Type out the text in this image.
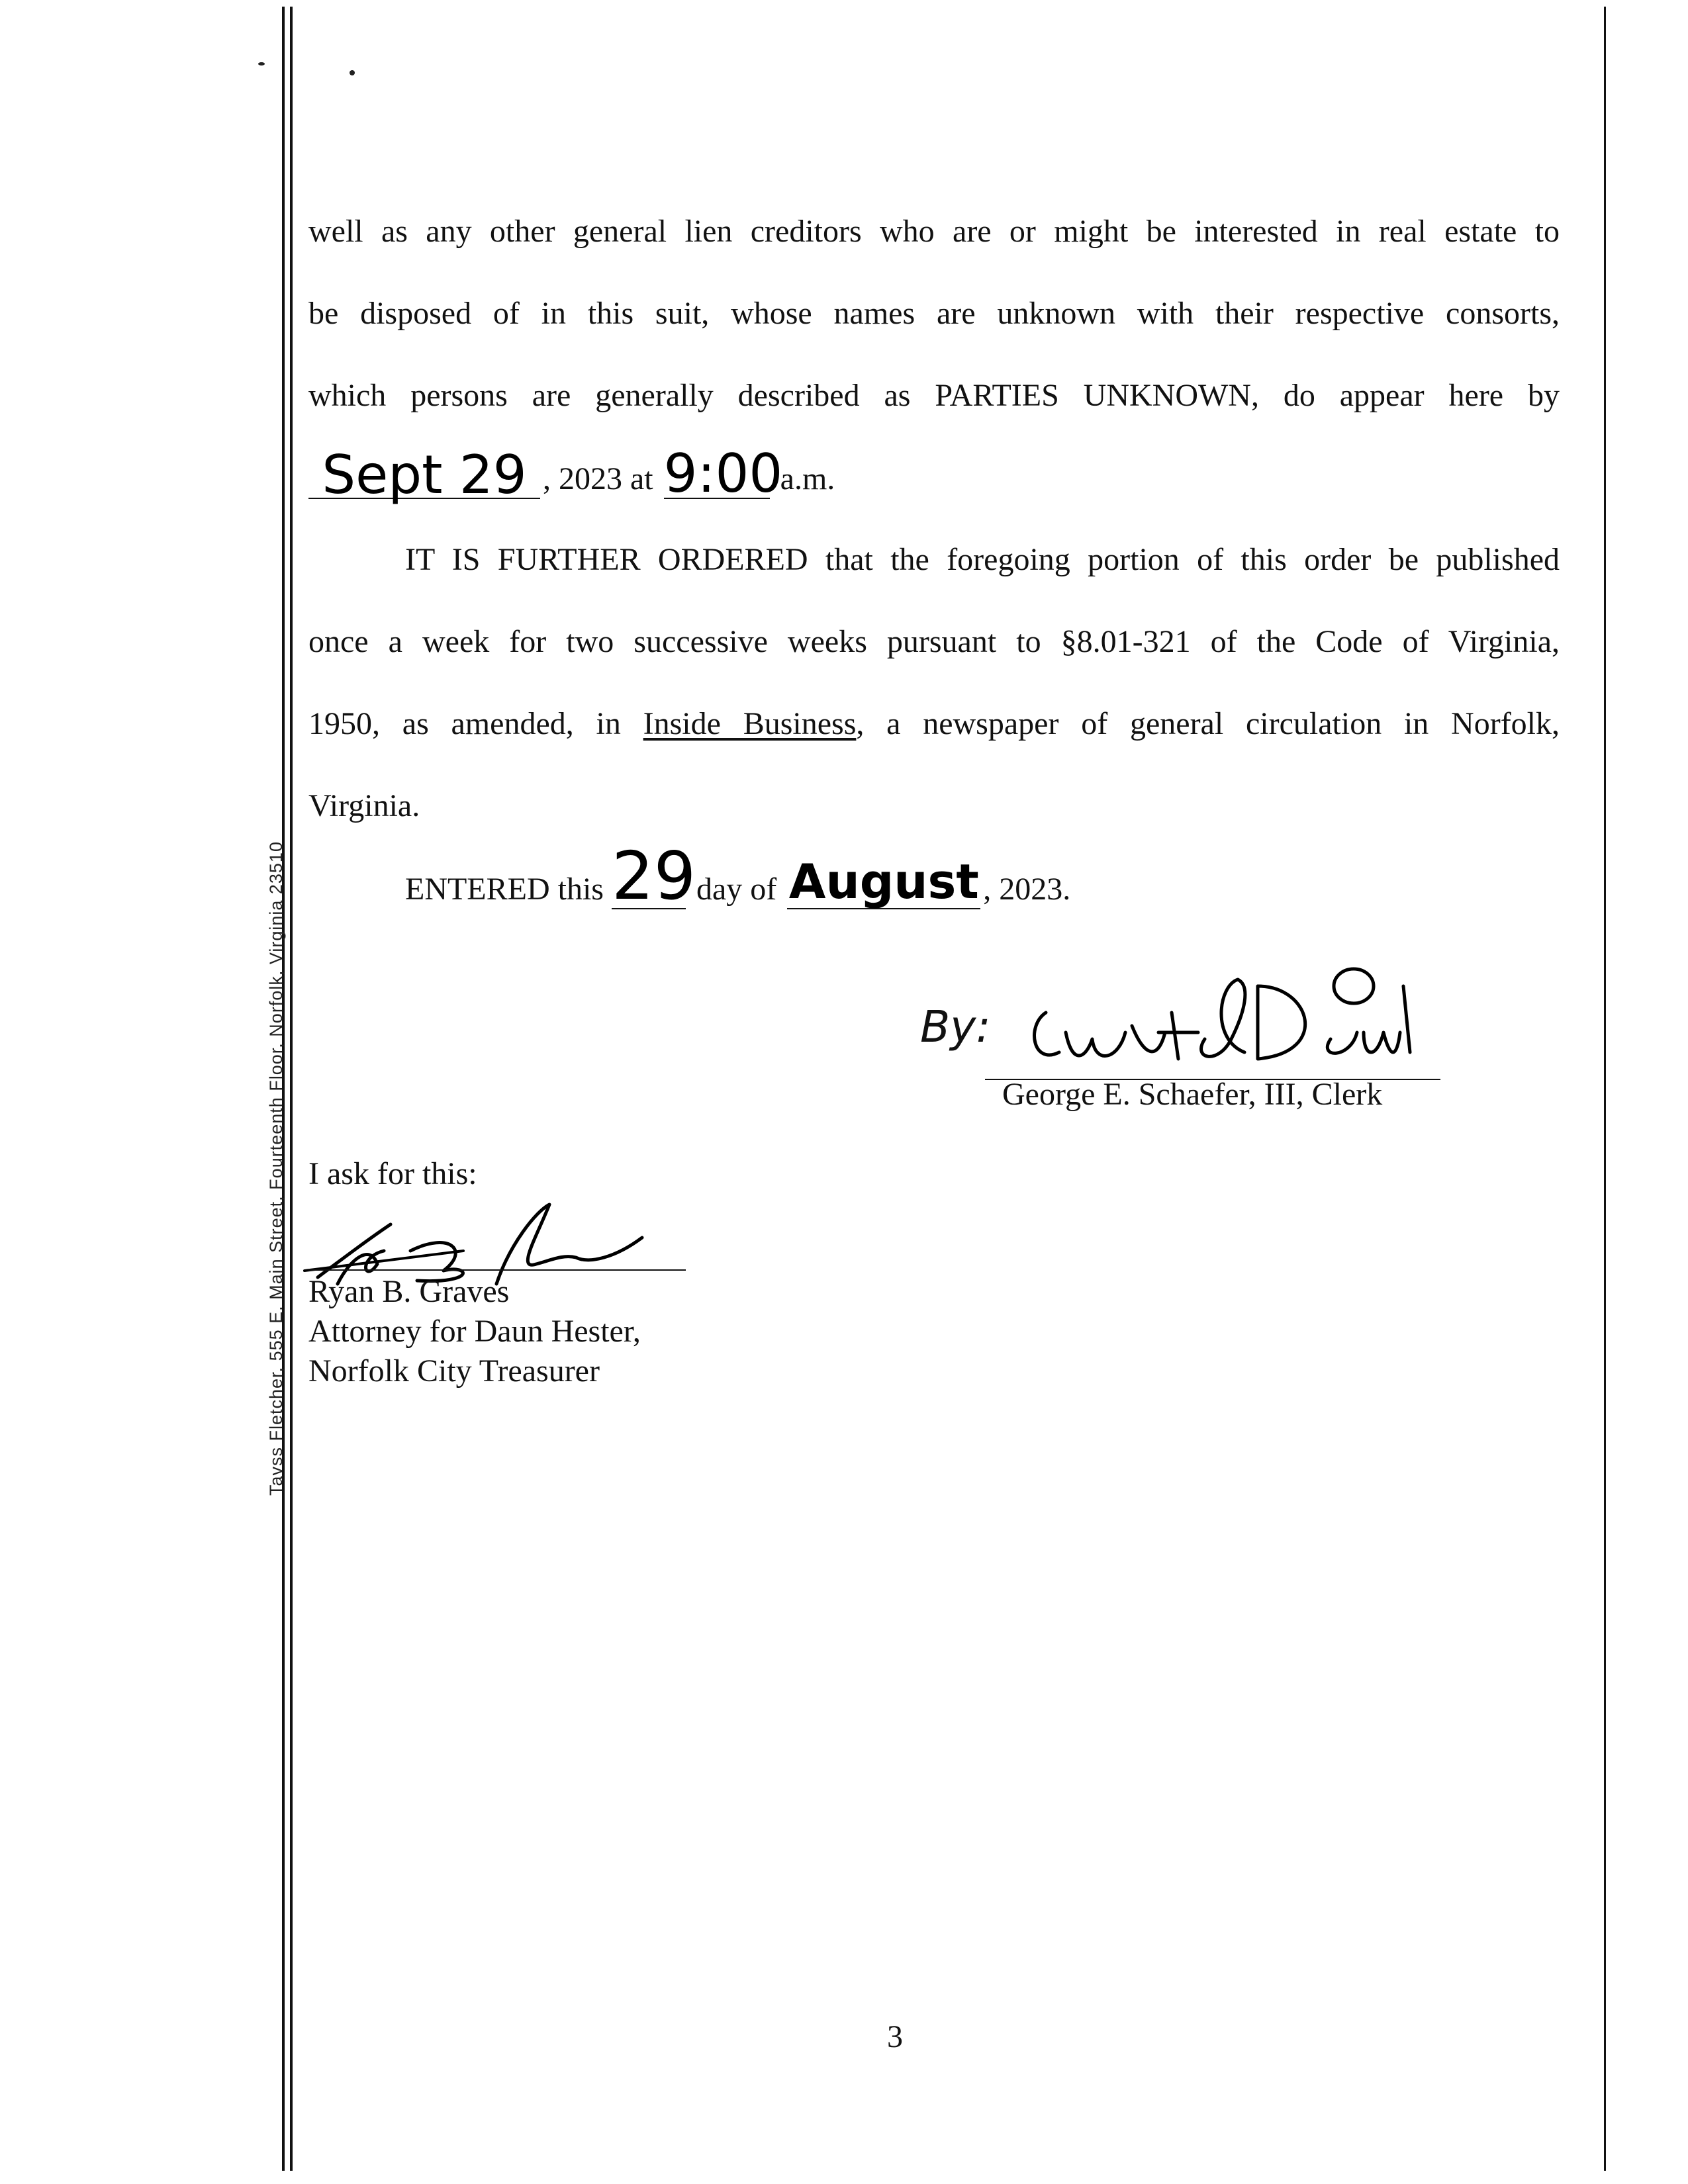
Tavss Fletcher, 555 E. Main Street, Fourteenth Floor, Norfolk, Virginia 23510
well as any other general lien creditors who are or might be interested in real estate to
be disposed of in this suit, whose names are unknown with their respective consorts,
which persons are generally described as PARTIES UNKNOWN, do appear here by
Sept 29 , 2023 at 9:00
a.m.
IT IS FURTHER ORDERED that the foregoing portion of this order be published
once a week for two successive weeks pursuant to §8.01-321 of the Code of Virginia,
1950, as amended, in Inside Business, a newspaper of general circulation in Norfolk,
Virginia.
ENTERED this 29 day of August , 2023.
By:
George E. Schaefer, III, Clerk
I ask for this:
Ryan B. Graves
Attorney for Daun Hester,
Norfolk City Treasurer
3
